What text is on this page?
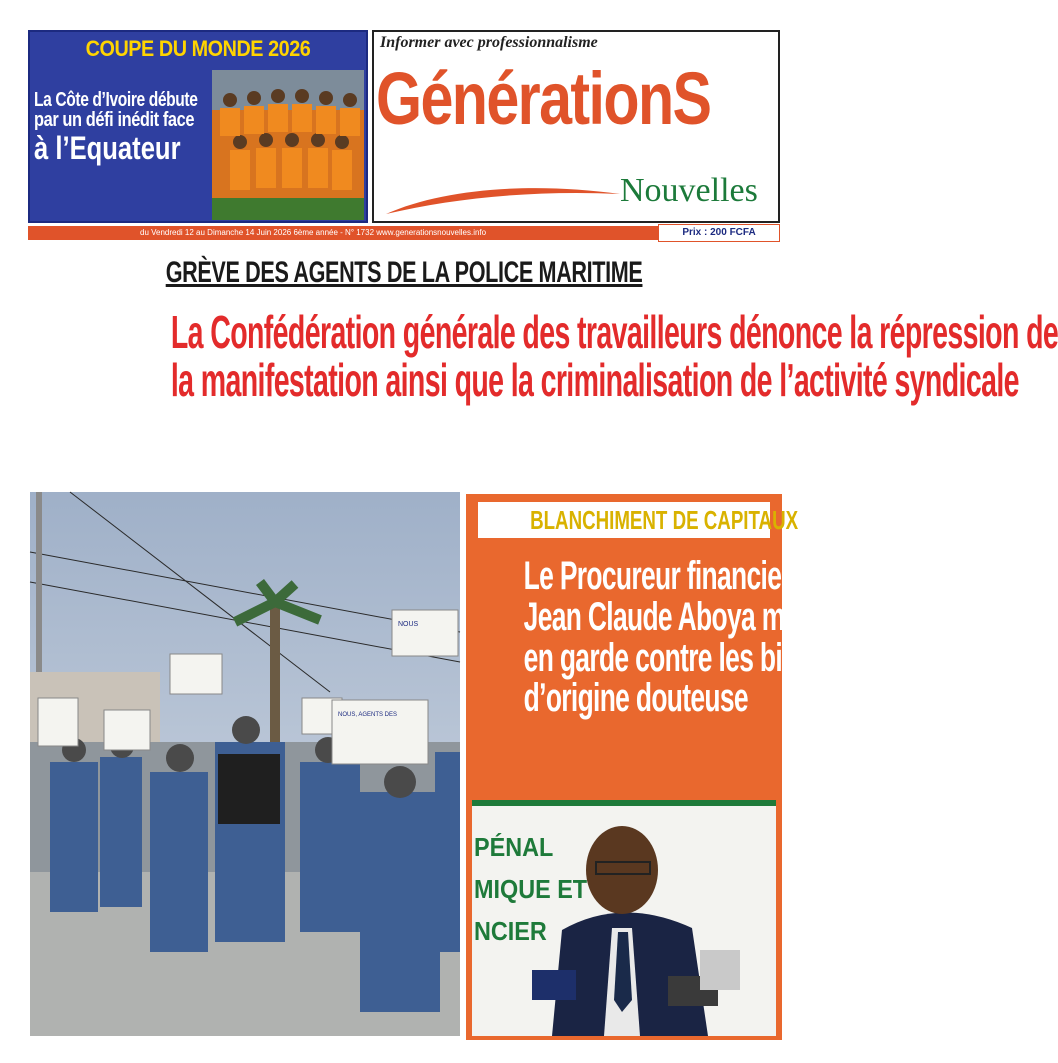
COUPE DU MONDE 2026
La Côte d’Ivoire débute
par un défi inédit face
à l’Equateur
Informer avec professionnalisme
GénérationS
Nouvelles
du Vendredi 12 au Dimanche 14 Juin 2026 6ème année - N° 1732 www.generationsnouvelles.info	Prix : 200 FCFA
GRÈVE DES AGENTS DE LA POLICE MARITIME
La Confédération générale des travailleurs dénonce la répression de
la manifestation ainsi que la criminalisation de l’activité syndicale
NOUS
NOUS, AGENTS DES
BLANCHIMENT DE CAPITAUX
Le Procureur financier
Jean Claude Aboya met
en garde contre les biens
d’origine douteuse
PÉNAL
MIQUE ET
NCIER
